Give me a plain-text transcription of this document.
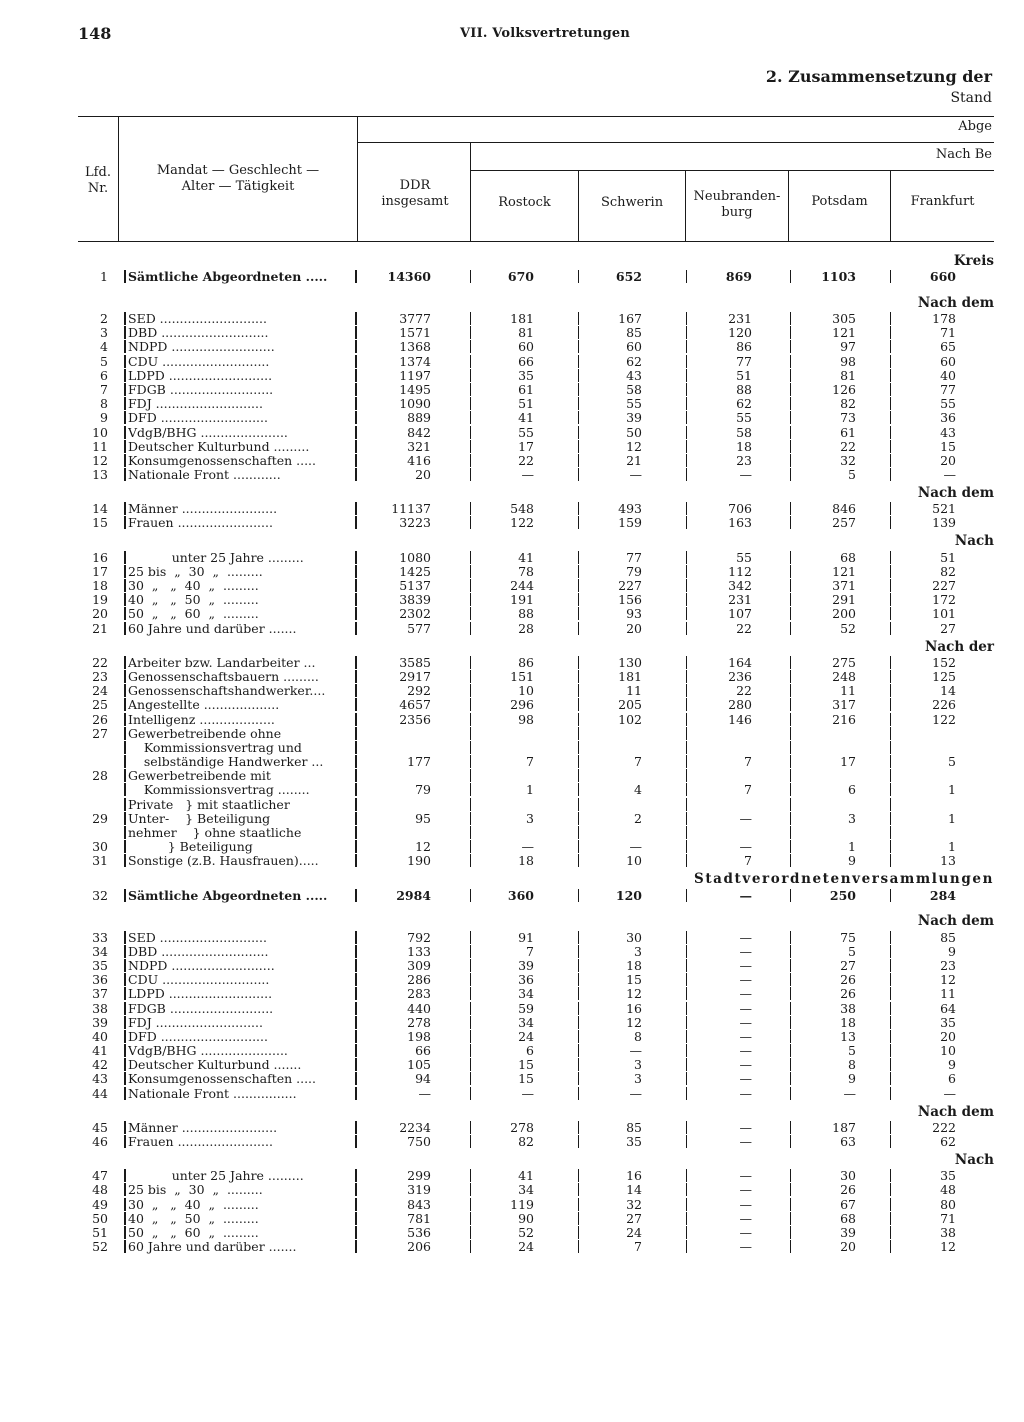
148	VII. Volksvertretungen
2. Zusammensetzung der
Stand
Lfd.
Nr.
Mandat — Geschlecht —
Alter — Tätigkeit
Abge
Nach Be
DDR
insgesamt	Rostock	Schwerin	Neubranden-
burg
Potsdam	Frankfurt
Kreis
1 Sämtliche Abgeordneten .....	14360	670	652	869	1103	660
Nach dem
2 SED ...........................	3777	181	167	231	305	178
3 DBD ...........................	1571	81	85	120	121	71
4 NDPD ..........................	1368	60	60	86	97	65
5 CDU ...........................	1374	66	62	77	98	60
6 LDPD ..........................	1197	35	43	51	81	40
7 FDGB ..........................	1495	61	58	88	126	77
8 FDJ ...........................	1090	51	55	62	82	55
9 DFD ...........................	889	41	39	55	73	36
10 VdgB/BHG ......................	842	55	50	58	61	43
11 Deutscher Kulturbund .........	321	17	12	18	22	15
12 Konsumgenossenschaften .....	416	22	21	23	32	20
13 Nationale Front ............	20	—	—	—	5	—
Nach dem
14 Männer ........................	11137	548	493	706	846	521
15 Frauen ........................	3223	122	159	163	257	139
Nach
16 unter 25 Jahre .........	1080	41	77	55	68	51
17 25 bis  „  30  „  .........	1425	78	79	112	121	82
18 30  „   „  40  „  .........	5137	244	227	342	371	227
19 40  „   „  50  „  .........	3839	191	156	231	291	172
20 50  „   „  60  „  .........	2302	88	93	107	200	101
21 60 Jahre und darüber .......	577	28	20	22	52	27
Nach der
22 Arbeiter bzw. Landarbeiter ...	3585	86	130	164	275	152
23 Genossenschaftsbauern .........	2917	151	181	236	248	125
24 Genossenschaftshandwerker....	292	10	11	22	11	14
25 Angestellte ...................	4657	296	205	280	317	226
26 Intelligenz ...................	2356	98	102	146	216	122
27 Gewerbetreibende ohne
Kommissionsvertrag und
selbständige Handwerker ...	177	7	7	7	17	5
28 Gewerbetreibende mit
Kommissionsvertrag ........	79	1	4	7	6	1
Private   } mit staatlicher
29 Unter-    } Beteiligung	95	3	2	—	3	1
nehmer    } ohne staatliche
30 } Beteiligung	12	—	—	—	1	1
31 Sonstige (z.B. Hausfrauen).....	190	18	10	7	9	13
Stadtverordnetenversammlungen
32 Sämtliche Abgeordneten .....	2984	360	120	—	250	284
Nach dem
33 SED ...........................	792	91	30	—	75	85
34 DBD ...........................	133	7	3	—	5	9
35 NDPD ..........................	309	39	18	—	27	23
36 CDU ...........................	286	36	15	—	26	12
37 LDPD ..........................	283	34	12	—	26	11
38 FDGB ..........................	440	59	16	—	38	64
39 FDJ ...........................	278	34	12	—	18	35
40 DFD ...........................	198	24	8	—	13	20
41 VdgB/BHG ......................	66	6	—	—	5	10
42 Deutscher Kulturbund .......	105	15	3	—	8	9
43 Konsumgenossenschaften .....	94	15	3	—	9	6
44 Nationale Front ................	—	—	—	—	—	—
Nach dem
45 Männer ........................	2234	278	85	—	187	222
46 Frauen ........................	750	82	35	—	63	62
Nach
47 unter 25 Jahre .........	299	41	16	—	30	35
48 25 bis  „  30  „  .........	319	34	14	—	26	48
49 30  „   „  40  „  .........	843	119	32	—	67	80
50 40  „   „  50  „  .........	781	90	27	—	68	71
51 50  „   „  60  „  .........	536	52	24	—	39	38
52 60 Jahre und darüber .......	206	24	7	—	20	12
